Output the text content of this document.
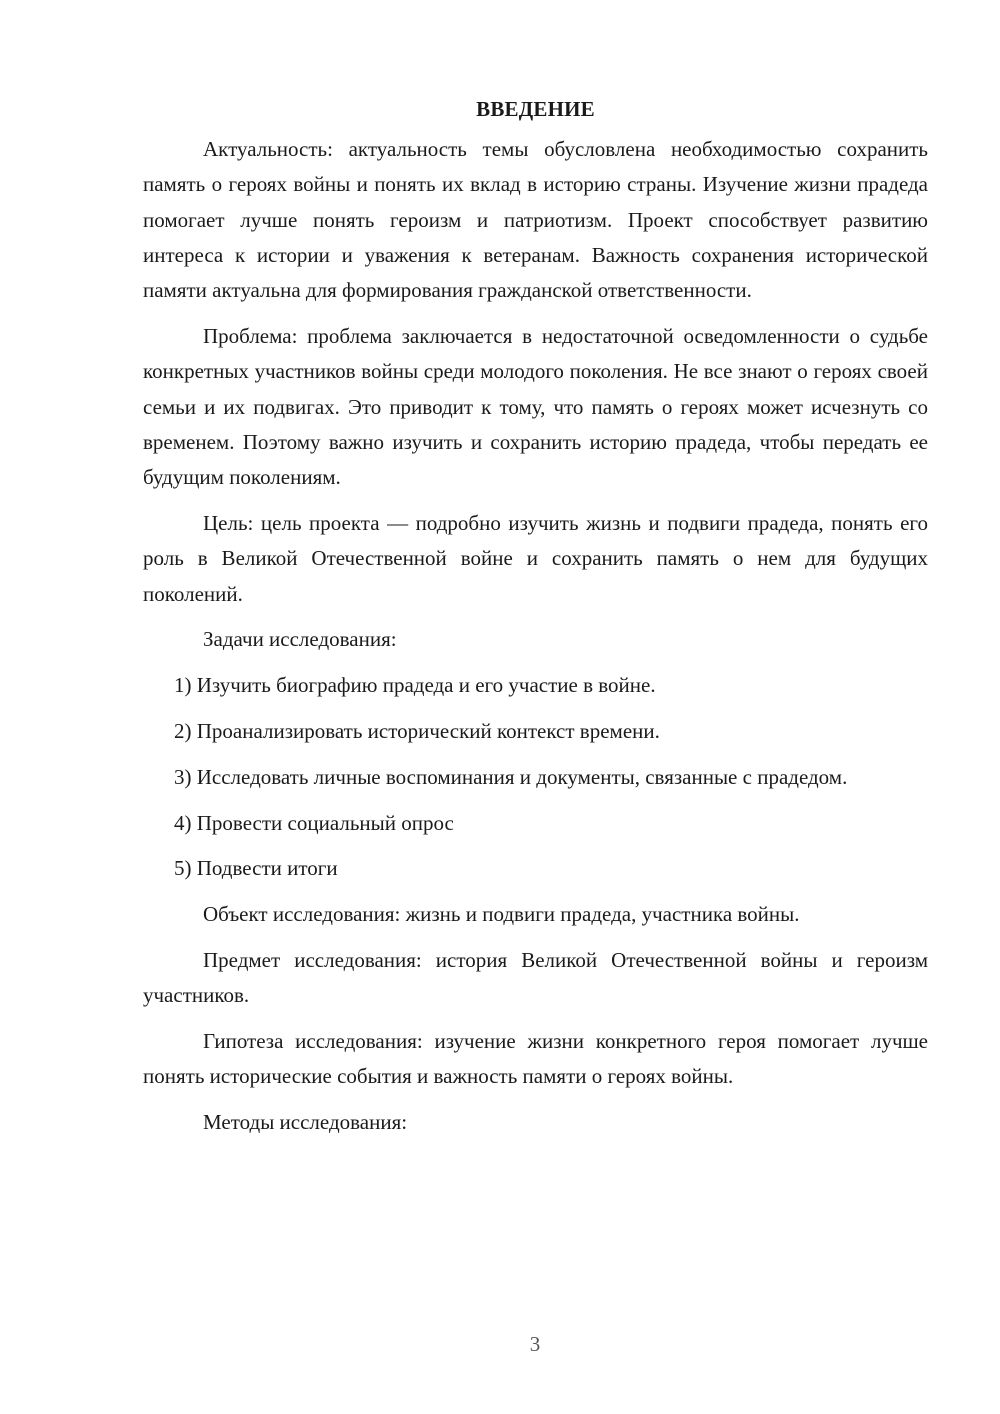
ВВЕДЕНИЕ

Актуальность: актуальность темы обусловлена необходимостью сохранить память о героях войны и понять их вклад в историю страны. Изучение жизни прадеда помогает лучше понять героизм и патриотизм. Проект способствует развитию интереса к истории и уважения к ветеранам. Важность сохранения исторической памяти актуальна для формирования гражданской ответственности.

Проблема: проблема заключается в недостаточной осведомленности о судьбе конкретных участников войны среди молодого поколения. Не все знают о героях своей семьи и их подвигах. Это приводит к тому, что память о героях может исчезнуть со временем. Поэтому важно изучить и сохранить историю прадеда, чтобы передать ее будущим поколениям.

Цель: цель проекта — подробно изучить жизнь и подвиги прадеда, понять его роль в Великой Отечественной войне и сохранить память о нем для будущих поколений.

Задачи исследования:

1) Изучить биографию прадеда и его участие в войне.

2) Проанализировать исторический контекст времени.

3) Исследовать личные воспоминания и документы, связанные с прадедом.

4) Провести социальный опрос

5) Подвести итоги

Объект исследования: жизнь и подвиги прадеда, участника войны.

Предмет исследования: история Великой Отечественной войны и героизм участников.

Гипотеза исследования: изучение жизни конкретного героя помогает лучше понять исторические события и важность памяти о героях войны.

Методы исследования:

3
